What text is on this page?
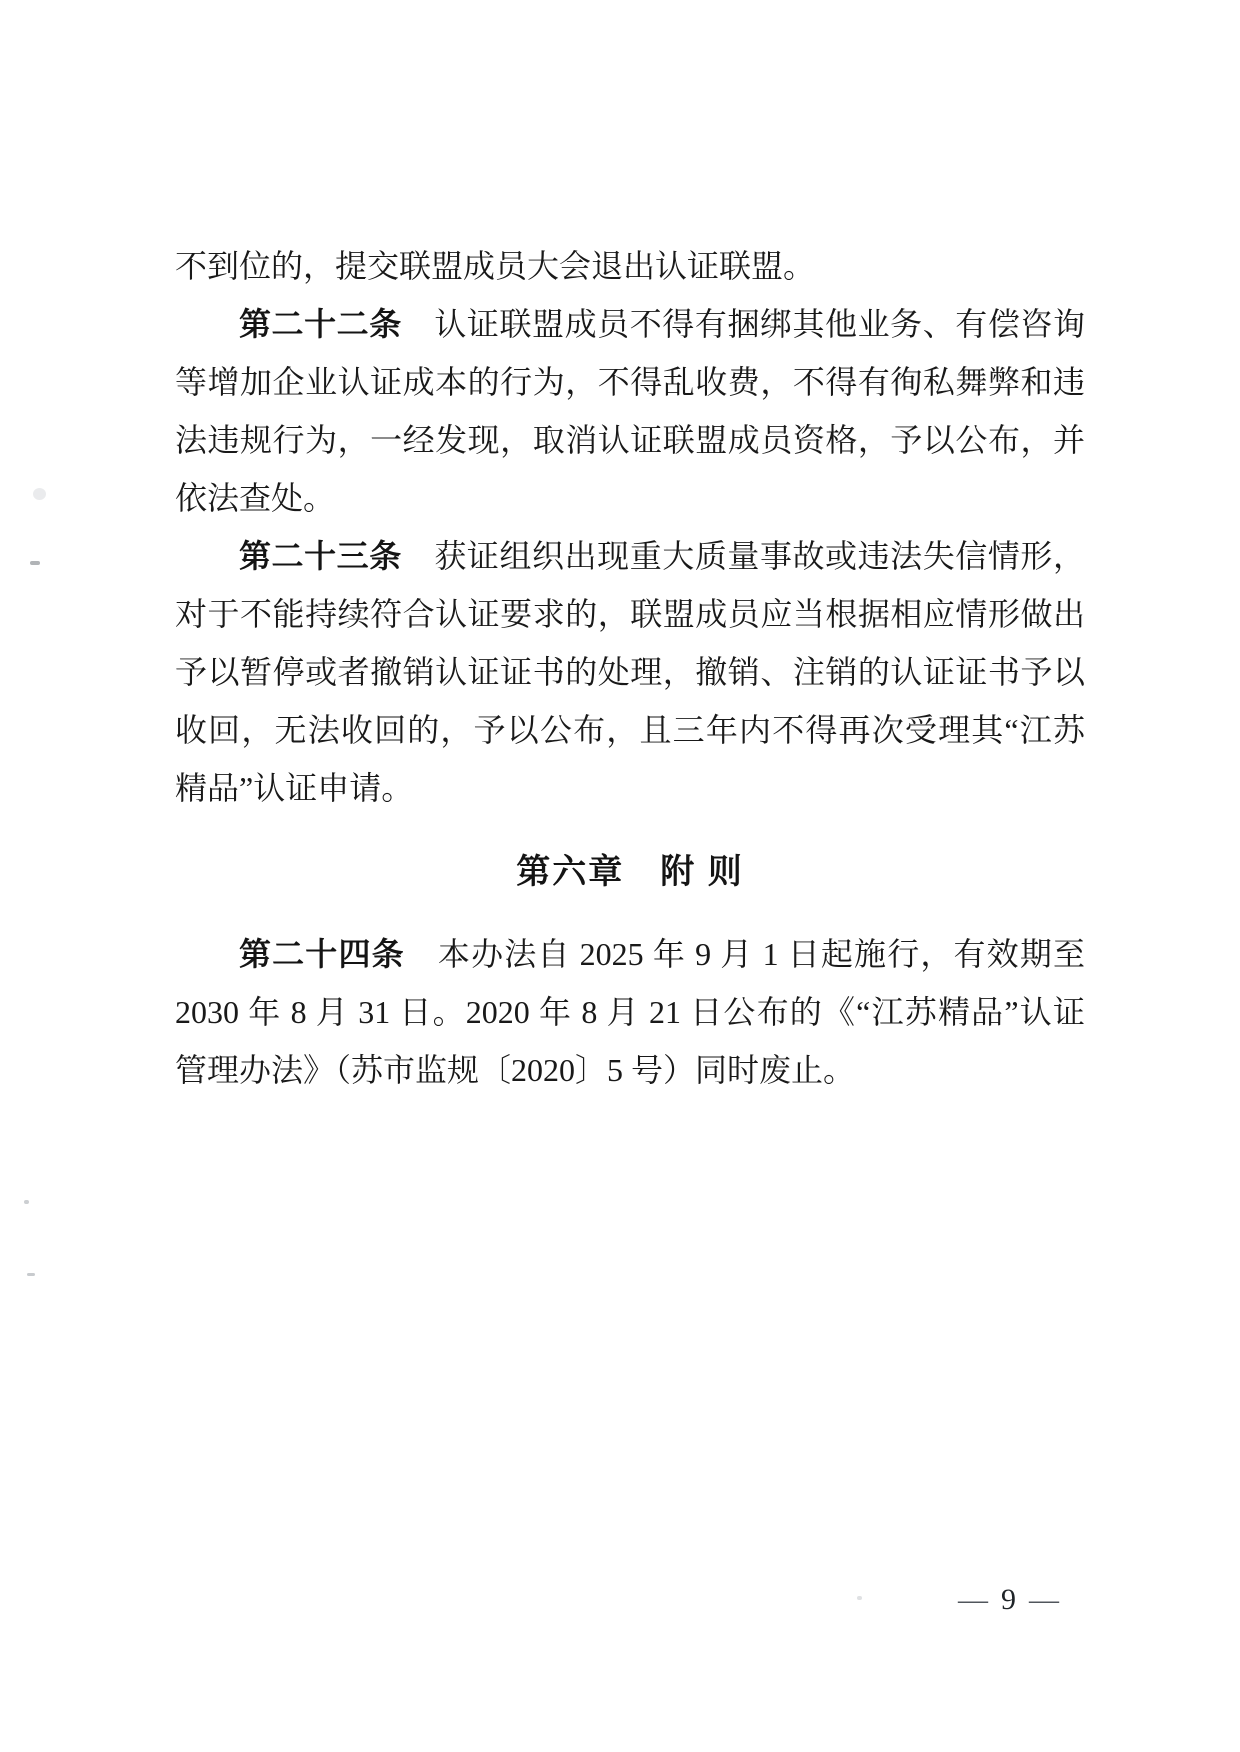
不到位的，提交联盟成员大会退出认证联盟。
第二十二条　认证联盟成员不得有捆绑其他业务、有偿咨询
等增加企业认证成本的行为，不得乱收费，不得有徇私舞弊和违
法违规行为，一经发现，取消认证联盟成员资格，予以公布，并
依法查处。
第二十三条　获证组织出现重大质量事故或违法失信情形，
对于不能持续符合认证要求的，联盟成员应当根据相应情形做出
予以暂停或者撤销认证证书的处理，撤销、注销的认证证书予以
收回，无法收回的，予以公布，且三年内不得再次受理其“江苏
精品”认证申请。
第六章　附 则
第二十四条　本办法自 2025 年 9 月 1 日起施行，有效期至
2030 年 8 月 31 日。2020 年 8 月 21 日公布的《“江苏精品”认证
管理办法》（苏市监规〔2020〕5 号）同时废止。
— 9 —
